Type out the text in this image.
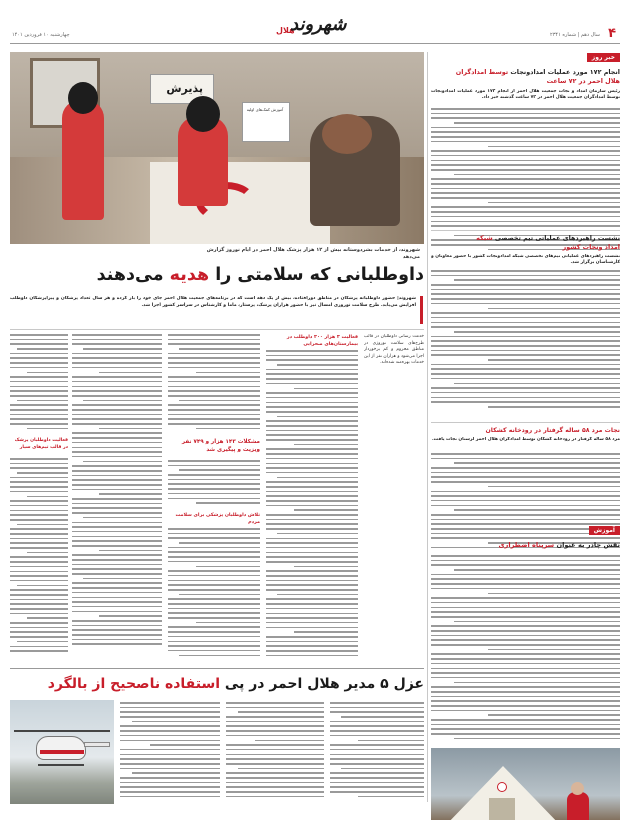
۴
سال دهم | شماره ۲۳۴۱
چهارشنبه ۱۰ فروردین ۱۴۰۱	هلال
شهروند
خبر روز
انجام ۱۷۲ مورد عملیات امدادونجات توسط امدادگران
هلال احمر در ۷۲ ساعت
رئیس سازمان امداد و نجات جمعیت هلال احمر از انجام ۱۷۲ مورد عملیات امدادونجات توسط امدادگران جمعیت هلال احمر در ۷۲ ساعت گذشته خبر داد.
نشست راهبردهای عملیاتی تیم تخصصی شبکه
امداد ونجات کشور
نشست راهبردهای عملیاتی تیم‌های تخصصی شبکه امدادونجات کشور با حضور معاونان و کارشناسان برگزار شد.
نجات مرد ۵۸ ساله گرفتار در رودخانه کشکان
مرد ۵۸ ساله گرفتار در رودخانه کشکان توسط امدادگران هلال احمر لرستان نجات یافت.
آموزش
نقش چادر به عنوان سرپناه اضطراری
پذیرش
آموزش کمک‌های اولیه
شهروند، از خدمات بشردوستانه بیش از ۱۲ هزار پزشک هلال احمر در ایام نوروز گزارش می‌دهد
داوطلبانی که سلامتی را هدیه می‌دهند
شهروند| حضور داوطلبانه پزشکان در مناطق دورافتاده، بیش از یک دهه است که در برنامه‌های جمعیت هلال احمر جای خود را باز کرده و هر سال تعداد پزشکان و پیراپزشکان داوطلب افزایش می‌یابد. طرح سلامت نوروزی امسال نیز با حضور هزاران پزشک، پرستار، ماما و کارشناس در سراسر کشور اجرا شد.
خدمت رسانی داوطلبان در قالب طرح‌های سلامت نوروزی در مناطق محروم و کم برخوردار اجرا می‌شود و هزاران نفر از این خدمات بهره‌مند شده‌اند.
فعالیت ۳ هزار ۴۰۰ داوطلب در بیمارستان‌های صحرایی
مشکلات ۱۴۳ هزار و ۷۴۹ نفر ویزیت و پیگیری شد
تلاش داوطلبان پزشکی برای سلامت مردم
فعالیت داوطلبان پزشک در قالب تیم‌های سیار
عزل ۵ مدیر هلال احمر در پی استفاده ناصحیح از بالگرد
